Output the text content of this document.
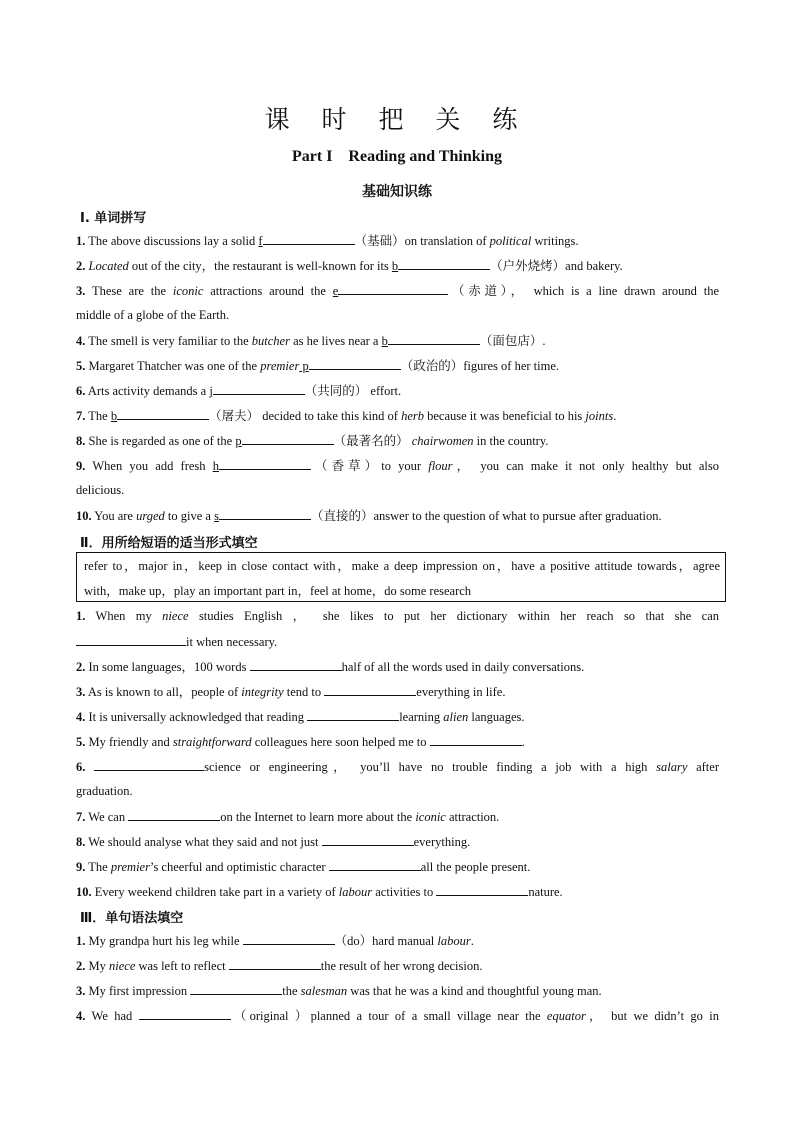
课 时 把 关 练
Part I    Reading and Thinking
基础知识练
Ⅰ. 单词拼写
1. The above discussions lay a solid f	（基础）on translation of political writings.
2. Located out of the city，the restaurant is well-known for its b	（户外烧烤）and bakery.
3. These are the iconic attractions around the e	（赤道）， which is a line drawn around the
middle of a globe of the Earth.
4. The smell is very familiar to the butcher as he lives near a b	（面包店）.
5. Margaret Thatcher was one of the premier p	（政治的）figures of her time.
6. Arts activity demands a j	（共同的） effort.
7. The b	（屠夫） decided to take this kind of herb because it was beneficial to his joints.
8. She is regarded as one of the p	（最著名的） chairwomen in the country.
9. When you add fresh h	（香草）to your flour， you can make it not only healthy but also
delicious.
10. You are urged to give a s	（直接的）answer to the question of what to pursue after graduation.
Ⅱ．用所给短语的适当形式填空
refer to，major in，keep in close contact with，make a deep impression on，have a positive attitude towards，agree
with，make up，play an important part in，feel at home，do some research
1. When my niece studies English ， she likes to put her dictionary within her reach so that she can
it when necessary.
2. In some languages，100 words	half of all the words used in daily conversations.
3. As is known to all，people of integrity tend to	everything in life.
4. It is universally acknowledged that reading	learning alien languages.
5. My friendly and straightforward colleagues here soon helped me to	.
6.	science or engineering， you’ll have no trouble finding a job with a high salary after
graduation.
7. We can	on the Internet to learn more about the iconic attraction.
8. We should analyse what they said and not just	everything.
9. The premier’s cheerful and optimistic character	all the people present.
10. Every weekend children take part in a variety of labour activities to	nature.
Ⅲ．单句语法填空
1. My grandpa hurt his leg while	（do）hard manual labour.
2. My niece was left to reflect	the result of her wrong decision.
3. My first impression	the salesman was that he was a kind and thoughtful young man.
4. We had	（original ）planned a tour of a small village near the equator， but we didn’t go in
